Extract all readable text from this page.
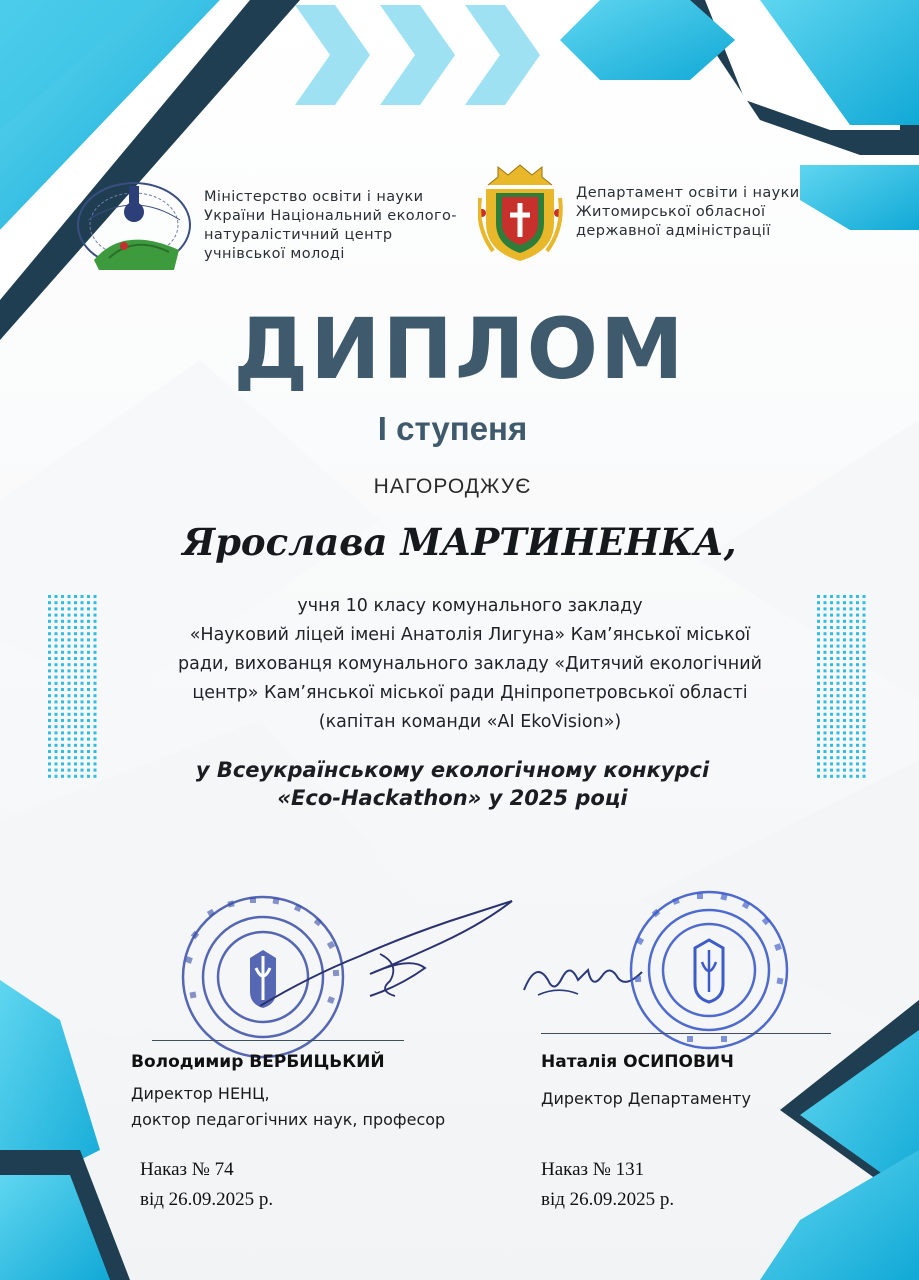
Міністерство освіти і науки
України Національний еколого-
натуралістичний центр
учнівської молоді
Департамент освіти і науки
Житомирської обласної
державної адміністрації
ДИПЛОМ
І ступеня
НАГОРОДЖУЄ
Ярослава МАРТИНЕНКА,
учня 10 класу комунального закладу
«Науковий ліцей імені Анатолія Лигуна» Кам’янської міської
ради, вихованця комунального закладу «Дитячий екологічний
центр» Кам’янської міської ради Дніпропетровської області
(капітан команди «AI EkoVision»)
у Всеукраїнському екологічному конкурсі
«Eco-Hackathon» у 2025 році
Володимир ВЕРБИЦЬКИЙ
Директор НЕНЦ,
доктор педагогічних наук, професор
Наказ № 74
від 26.09.2025 р.
Наталія ОСИПОВИЧ
Директор Департаменту
Наказ № 131
від 26.09.2025 р.
